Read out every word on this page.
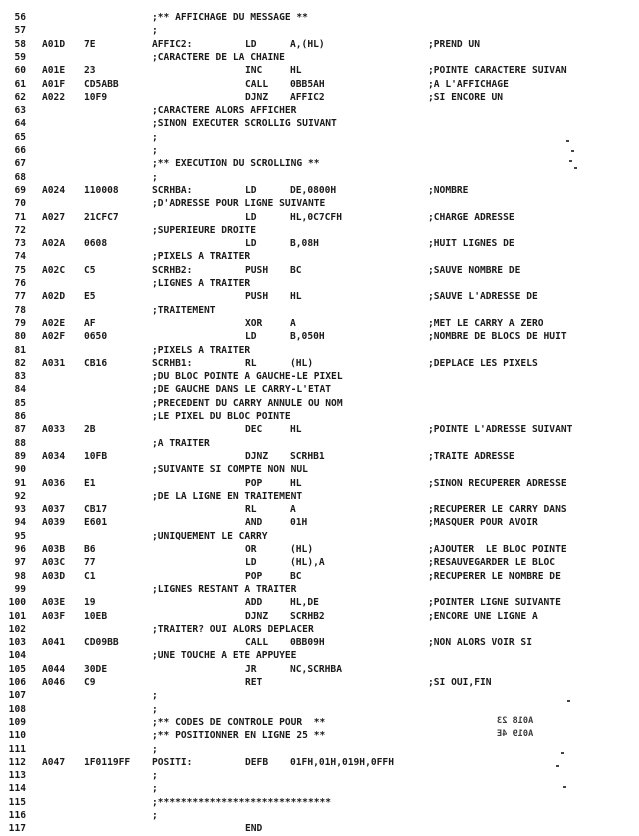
56	;** AFFICHAGE DU MESSAGE **
57	;
58 A01D 7E	AFFIC2:	LD	A,(HL)	;PREND UN
59	;CARACTERE DE LA CHAINE
60 A01E 23	INC	HL	;POINTE CARACTERE SUIVAN
61 A01F CD5ABB	CALL 0BB5AH	;A L'AFFICHAGE
62 A022 10F9	DJNZ AFFIC2	;SI ENCORE UN
63	;CARACTERE ALORS AFFICHER
64	;SINON EXECUTER SCROLLIG SUIVANT
65	;
66	;
67	;** EXECUTION DU SCROLLING **
68	;
69 A024 110008	SCRHBA:	LD	DE,0800H	;NOMBRE
70	;D'ADRESSE POUR LIGNE SUIVANTE
71 A027 21CFC7	LD	HL,0C7CFH	;CHARGE ADRESSE
72	;SUPERIEURE DROITE
73 A02A 0608	LD	B,08H	;HUIT LIGNES DE
74	;PIXELS A TRAITER
75 A02C C5	SCRHB2:	PUSH BC	;SAUVE NOMBRE DE
76	;LIGNES A TRAITER
77 A02D E5	PUSH HL	;SAUVE L'ADRESSE DE
78	;TRAITEMENT
79 A02E AF	XOR	A	;MET LE CARRY A ZERO
80 A02F 0650	LD	B,050H	;NOMBRE DE BLOCS DE HUIT
81	;PIXELS A TRAITER
82 A031 CB16	SCRHB1:	RL	(HL)	;DEPLACE LES PIXELS
83	;DU BLOC POINTE A GAUCHE-LE PIXEL
84	;DE GAUCHE DANS LE CARRY-L'ETAT
85	;PRECEDENT DU CARRY ANNULE OU NOM
86	;LE PIXEL DU BLOC POINTE
87 A033 2B	DEC	HL	;POINTE L'ADRESSE SUIVANT
88	;A TRAITER
89 A034 10FB	DJNZ SCRHB1	;TRAITE ADRESSE
90	;SUIVANTE SI COMPTE NON NUL
91 A036 E1	POP	HL	;SINON RECUPERER ADRESSE
92	;DE LA LIGNE EN TRAITEMENT
93 A037 CB17	RL	A	;RECUPERER LE CARRY DANS
94 A039 E601	AND	01H	;MASQUER POUR AVOIR
95	;UNIQUEMENT LE CARRY
96 A03B B6	OR	(HL)	;AJOUTER  LE BLOC POINTE
97 A03C 77	LD	(HL),A	;RESAUVEGARDER LE BLOC
98 A03D C1	POP	BC	;RECUPERER LE NOMBRE DE
99	;LIGNES RESTANT A TRAITER
100 A03E 19	ADD	HL,DE	;POINTER LIGNE SUIVANTE
101 A03F 10EB	DJNZ SCRHB2	;ENCORE UNE LIGNE A
102	;TRAITER? OUI ALORS DEPLACER
103 A041 CD09BB	CALL 0BB09H	;NON ALORS VOIR SI
104	;UNE TOUCHE A ETE APPUYEE
105 A044 30DE	JR	NC,SCRHBA
106 A046 C9	RET	;SI OUI,FIN
107	;
108	;
109	;** CODES DE CONTROLE POUR  **
110	;** POSITIONNER EN LIGNE 25 **
111	;
112 A047 1F0119FF POSITI:	DEFB 01FH,01H,019H,0FFH
113	;
114	;
115	;******************************
116	;
117	END
A018 23
A019 4E
